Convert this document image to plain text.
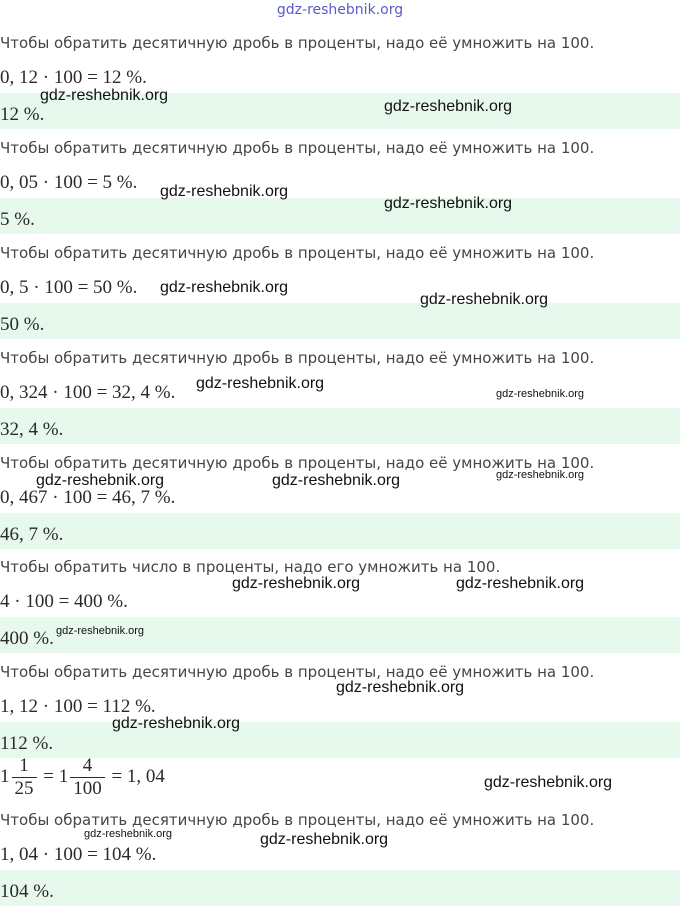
gdz-reshebnik.org
12 %.
Чтобы обратить десятичную дробь в проценты, надо её умножить на 100.
0, 12 · 100 = 12 %.
gdz-reshebnik.org
gdz-reshebnik.org
5 %.
Чтобы обратить десятичную дробь в проценты, надо её умножить на 100.
0, 05 · 100 = 5 %. gdz-reshebnik.org
gdz-reshebnik.org
50 %.
Чтобы обратить десятичную дробь в проценты, надо её умножить на 100.
0, 5 · 100 = 50 %. gdz-reshebnik.org
gdz-reshebnik.org
32, 4 %.
Чтобы обратить десятичную дробь в проценты, надо её умножить на 100.
0, 324 · 100 = 32, 4 %. gdz-reshebnik.org
gdz-reshebnik.org
46, 7 %.
Чтобы обратить десятичную дробь в проценты, надо её умножить на 100.
0, 467 · 100 = 46, 7 %.
gdz-reshebnik.org	gdz-reshebnik.org	gdz-reshebnik.org
400 %.
Чтобы обратить число в проценты, надо его умножить на 100.
4 · 100 = 400 %.
gdz-reshebnik.org	gdz-reshebnik.org
gdz-reshebnik.org
112 %.
Чтобы обратить десятичную дробь в проценты, надо её умножить на 100.
1, 12 · 100 = 112 %.
gdz-reshebnik.org
gdz-reshebnik.org
104 %.
Чтобы обратить десятичную дробь в проценты, надо её умножить на 100.
1, 04 · 100 = 104 %.
gdz-reshebnik.org	gdz-reshebnik.org
$1 \frac{1}{25} = 1 \frac{4}{100} = 1$, 04	gdz-reshebnik.org
